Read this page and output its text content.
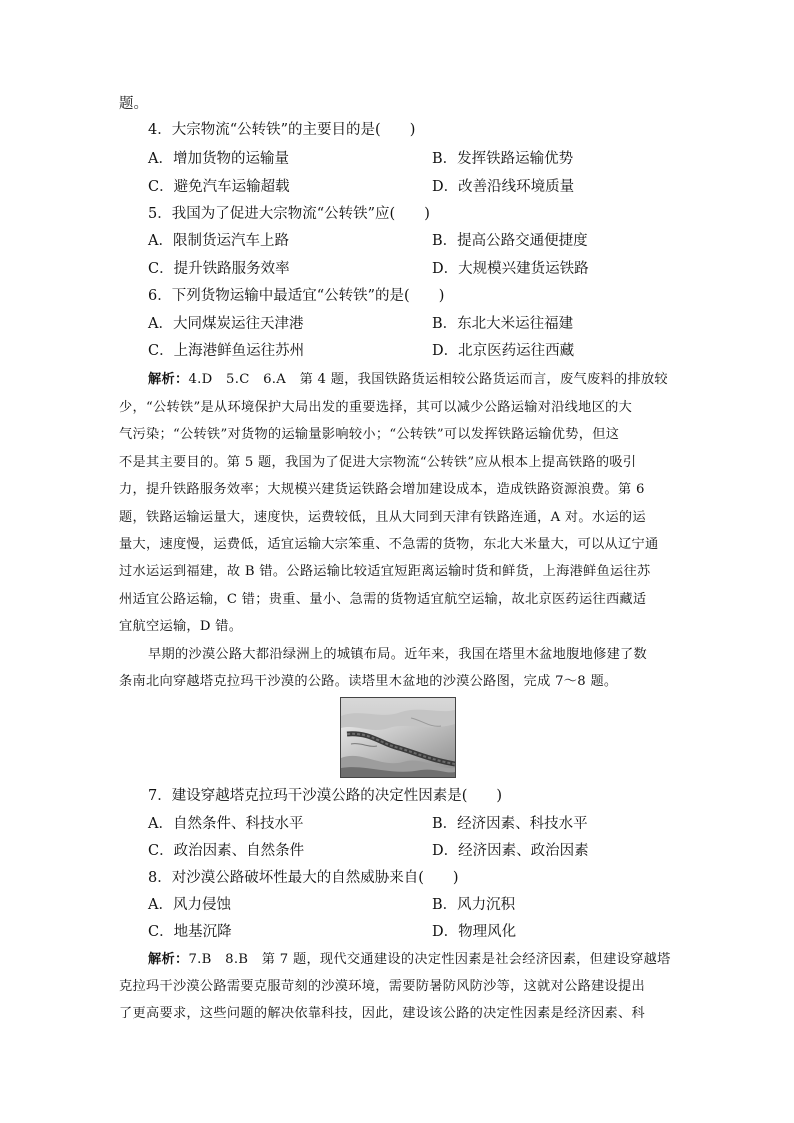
题。
4．大宗物流“公转铁”的主要目的是(　　)
A．增加货物的运输量	B．发挥铁路运输优势
C．避免汽车运输超载	D．改善沿线环境质量
5．我国为了促进大宗物流“公转铁”应(　　)
A．限制货运汽车上路	B．提高公路交通便捷度
C．提升铁路服务效率	D．大规模兴建货运铁路
6．下列货物运输中最适宜“公转铁”的是(　　)
A．大同煤炭运往天津港	B．东北大米运往福建
C．上海港鲜鱼运往苏州	D．北京医药运往西藏
解析：4.D　5.C　6.A　第 4 题，我国铁路货运相较公路货运而言，废气废料的排放较
少，“公转铁”是从环境保护大局出发的重要选择，其可以减少公路运输对沿线地区的大
气污染；“公转铁”对货物的运输量影响较小；“公转铁”可以发挥铁路运输优势，但这
不是其主要目的。第 5 题，我国为了促进大宗物流“公转铁”应从根本上提高铁路的吸引
力，提升铁路服务效率；大规模兴建货运铁路会增加建设成本，造成铁路资源浪费。第 6
题，铁路运输运量大，速度快，运费较低，且从大同到天津有铁路连通，A 对。水运的运
量大，速度慢，运费低，适宜运输大宗笨重、不急需的货物，东北大米量大，可以从辽宁通
过水运运到福建，故 B 错。公路运输比较适宜短距离运输时货和鲜货，上海港鲜鱼运往苏
州适宜公路运输，C 错；贵重、量小、急需的货物适宜航空运输，故北京医药运往西藏适
宜航空运输，D 错。
早期的沙漠公路大都沿绿洲上的城镇布局。近年来，我国在塔里木盆地腹地修建了数
条南北向穿越塔克拉玛干沙漠的公路。读塔里木盆地的沙漠公路图，完成 7～8 题。
7．建设穿越塔克拉玛干沙漠公路的决定性因素是(　　)
A．自然条件、科技水平	B．经济因素、科技水平
C．政治因素、自然条件	D．经济因素、政治因素
8．对沙漠公路破坏性最大的自然威胁来自(　　)
A．风力侵蚀	B．风力沉积
C．地基沉降	D．物理风化
解析：7.B　8.B　第 7 题，现代交通建设的决定性因素是社会经济因素，但建设穿越塔
克拉玛干沙漠公路需要克服苛刻的沙漠环境，需要防暑防风防沙等，这就对公路建设提出
了更高要求，这些问题的解决依靠科技，因此，建设该公路的决定性因素是经济因素、科
